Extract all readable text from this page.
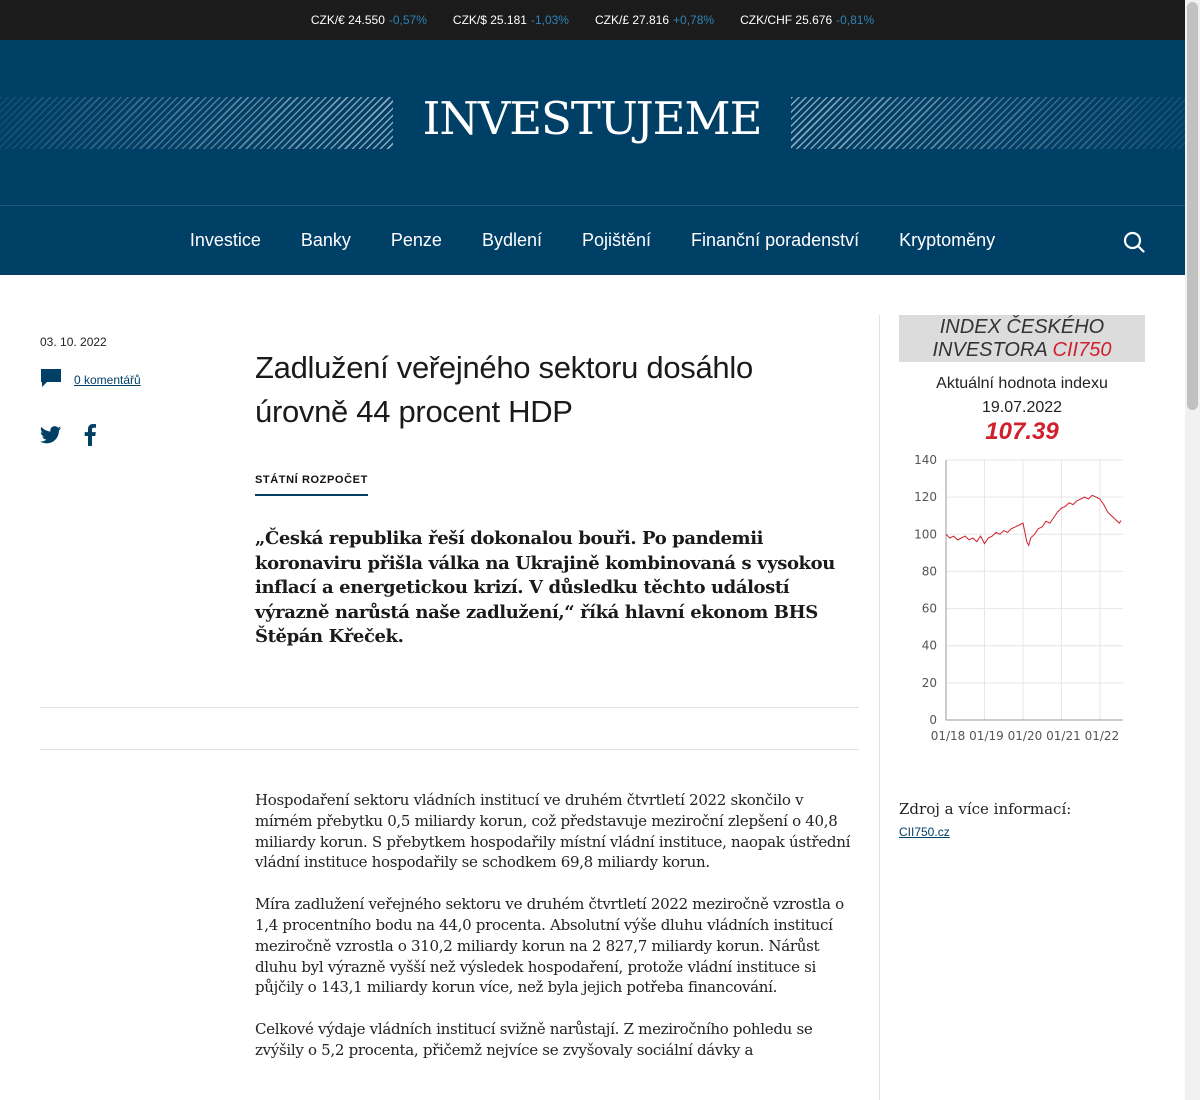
CZK/€ 24.550 -0,57% CZK/$ 25.181 -1,03% CZK/£ 27.816 +0,78% CZK/CHF 25.676 -0,81%
INVESTUJEME
Investice Banky Penze Bydlení Pojištění Finanční poradenství Kryptoměny
03. 10. 2022
0 komentářů	Zadlužení veřejného sektoru dosáhlo úrovně 44 procent HDP
STÁTNÍ ROZPOČET

„Česká republika řeší dokonalou bouři. Po pandemii koronaviru přišla válka na Ukrajině kombinovaná s vysokou inflací a energetickou krizí. V důsledku těchto událostí výrazně narůstá naše zadlužení,“ říká hlavní ekonom BHS Štěpán Křeček.

Hospodaření sektoru vládních institucí ve druhém čtvrtletí 2022 skončilo v mírném přebytku 0,5 miliardy korun, což představuje meziroční zlepšení o 40,8 miliardy korun. S přebytkem hospodařily místní vládní instituce, naopak ústřední vládní instituce hospodařily se schodkem 69,8 miliardy korun.

Míra zadlužení veřejného sektoru ve druhém čtvrtletí 2022 meziročně vzrostla o 1,4 procentního bodu na 44,0 procenta. Absolutní výše dluhu vládních institucí meziročně vzrostla o 310,2 miliardy korun na 2 827,7 miliardy korun. Nárůst dluhu byl výrazně vyšší než výsledek hospodaření, protože vládní instituce si půjčily o 143,1 miliardy korun více, než byla jejich potřeba financování.

Celkové výdaje vládních institucí svižně narůstají. Z meziročního pohledu se zvýšily o 5,2 procenta, přičemž nejvíce se zvyšovaly sociální dávky a

INDEX ČESKÉHO
INVESTORA CII750
Aktuální hodnota indexu
19.07.2022
107.39
0
20
40
60
80
100
120
140
01/18 01/19 01/20 01/21 01/22
Zdroj a více informací:
CII750.cz
